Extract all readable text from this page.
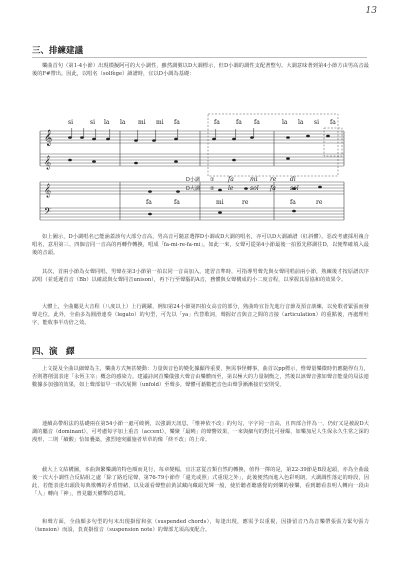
13
三、排練建議

樂曲首句（第1-4小節）出現模擬阿可的大小調性，雖然調號以D大調標示，但D小調的調性支配著整句。大調意味著到第4小節方由男高音最後的F#帶出。因此，以唱名（solfège）讀譜時，宜以D小調為基礎：

𝄞
𝄞
si	si la la mi mi fa	fa	fa fa	la la si fa
𝄞
𝄢
D小調 ① fa	mi re di
D大調 ② le	sol fa sol
fa	fa	mi	re	fa	re

如上圖示，D小調唱名已能涵蓋該句大部分音高，男高音可隨意選擇D小調或D大調的唱名，亦可以D大調讀譜（紅斜體）。惡改考慮採用複合唱名，意用第三、四個音同一音高的再轉作轉換，唱成「fa-mi-re-fa-mi」。如此一來，女聲可從第4小節最後一拍預先移調往D，以便準確填入最後的音頭。

其次，首兩小節為女聲同唱，男聲在第3小節第一拍以同一音高加入，建習音準時，可指導男聲先與女聲同唱前兩小節，熟練後才按原譜次序試唱（並延遲首音（Bb）以確認與女聲同音unison），再下行至聲腦的A音，務體與女聲構成的小二度音程，以掌握其原協和的效果令。

大體上，全曲屬見大音程（八度以上）上行跳躍，例如第24小節第四拍女高音的部分，熟曲時宜旨先進行音節及預音訓練，以免歌者緊張而發聲走位，此外，全曲多為圓滑連奏（legato）的句型，可先以「ya」代替歌詞，聲握好音與音之間的音接（articulation）的重點後，再處理吐字，能收事半功倍之效。

四、演　繹

上文提及全曲以細聲為主，樂曲方式無甚變動：力量與音色的變化據顯得重要，無需事怪轉事，曲首以pp標示，惟聲量樂微時仍應隨得有力，否則將削弱表達「永恆主宰」概念的感染力。建議詩詞首樂儀強大聲音由樂體而至，第以極大的力量制衡之，然後以該聲音強如聲音能量的局法連數據多加強的效果，如上聲部似早一串次展開（unfold）至聲多，聲體可藉數把音色由聲爭漸漸接於安則受。

連續高帶組法的基礎兩在第54小節一處可破例，以強調天訊息，「惟神依不改」的句勾，字字同一音高，且四部合伴為一，仍好又是被說D大調的屬音（dominant），可考慮每字加上重音（accent），樂聚「最曉」的聲響效果，一來與細句的對比可發爆，如樂加尼人生保永久生常之深的漫形，二則「續酸」恰如疊築，強烈地突顯施者草草的像「終不改」的上帝。

截大上文結構圖，本曲與繁樂調的特色順而見行，每章變幅，宜注意從音類自然的轉換，值得一擇的是，第22-39節是B段起頭，亦為全曲最後一次大小調性合反貼組之處「除了路近尾聲，第76-79小節作「還光或照」式重現之外」，此後便然而進入色彩明朗，大調調性落定的時段，因此，若能表達出頭段每典歌轉的矛盾情緒，以及頭看聲整前黃試藏向藏頭光輝一般，使於聽者聽感覺的到樂的發樂，看到聽看表明人轉向一段由「人」轉向「神」，曾見屬天權擊的意境。

和聲方面，全曲頗多句型的句末出現掛留和弦（suspended chords），每逢出現，應需予以重視，因掛留音乃為音樂帶張張力緊句張力（tension）而設，負責掛留音（suspension note）的聲部尤須高度配合。
